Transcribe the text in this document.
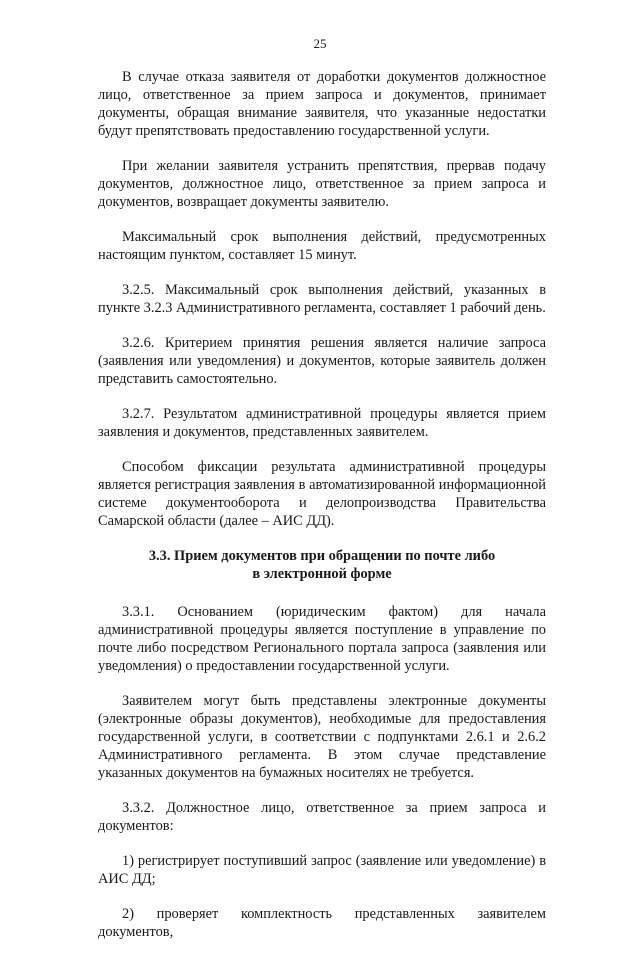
25

В случае отказа заявителя от доработки документов должностное лицо, ответственное за прием запроса и документов, принимает документы, обращая внимание заявителя, что указанные недостатки будут препятствовать предоставлению государственной услуги.

При желании заявителя устранить препятствия, прервав подачу документов, должностное лицо, ответственное за прием запроса и документов, возвращает документы заявителю.

Максимальный срок выполнения действий, предусмотренных настоящим пунктом, составляет 15 минут.

3.2.5. Максимальный срок выполнения действий, указанных в пункте 3.2.3 Административного регламента, составляет 1 рабочий день.

3.2.6. Критерием принятия решения является наличие запроса (заявления или уведомления) и документов, которые заявитель должен представить самостоятельно.

3.2.7. Результатом административной процедуры является прием заявления и документов, представленных заявителем.

Способом фиксации результата административной процедуры является регистрация заявления в автоматизированной информационной системе документооборота и делопроизводства Правительства Самарской области (далее – АИС ДД).

3.3. Прием документов при обращении по почте либо
в электронной форме

3.3.1. Основанием (юридическим фактом) для начала административной процедуры является поступление в управление по почте либо посредством Регионального портала запроса (заявления или уведомления) о предоставлении государственной услуги.

Заявителем могут быть представлены электронные документы (электронные образы документов), необходимые для предоставления государственной услуги, в соответствии с подпунктами 2.6.1 и 2.6.2 Административного регламента. В этом случае представление указанных документов на бумажных носителях не требуется.

3.3.2. Должностное лицо, ответственное за прием запроса и документов:

1) регистрирует поступивший запрос (заявление или уведомление) в АИС ДД;

2) проверяет комплектность представленных заявителем документов,
